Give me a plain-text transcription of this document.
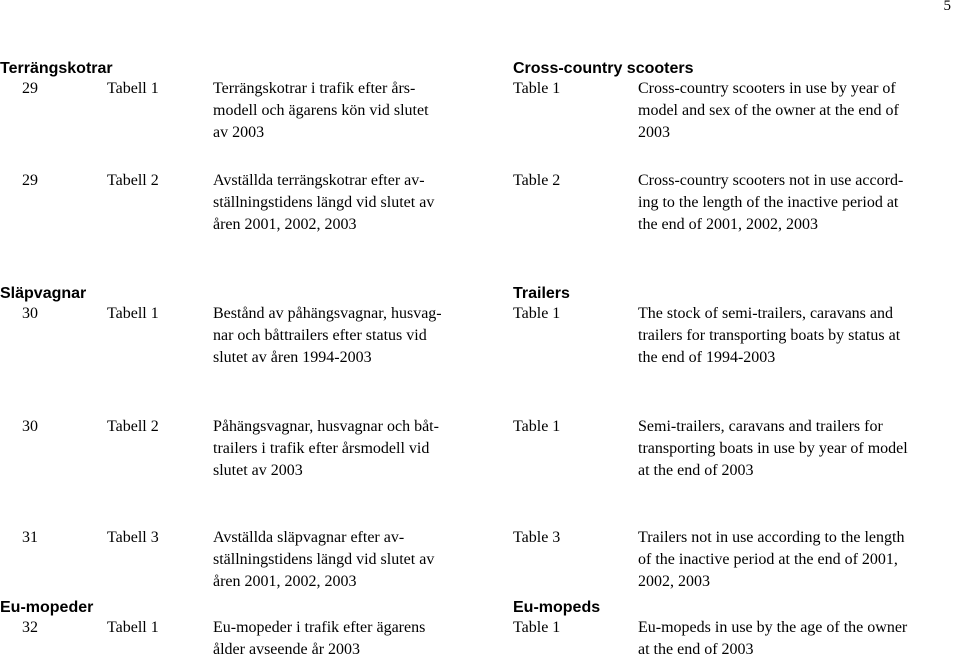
5
Terrängskotrar	Cross-country scooters
29	Tabell 1	Terrängskotrar i trafik efter års-
modell och ägarens kön vid slutet
av 2003
Table 1	Cross-country scooters in use by year of
model and sex of the owner at the end of
2003
29	Tabell 2	Avställda terrängskotrar efter av-
ställningstidens längd vid slutet av
åren 2001, 2002, 2003
Table 2	Cross-country scooters not in use accord-
ing to the length of the inactive period at
the end of 2001, 2002, 2003
Släpvagnar	Trailers
30	Tabell 1	Bestånd av påhängsvagnar, husvag-
nar och båttrailers efter status vid
slutet av åren 1994-2003
Table 1	The stock of semi-trailers, caravans and
trailers for transporting boats by status at
the end of 1994-2003
30	Tabell 2	Påhängsvagnar, husvagnar och båt-
trailers i trafik efter årsmodell vid
slutet av 2003
Table 1	Semi-trailers, caravans and trailers for
transporting boats in use by year of model
at the end of 2003
31	Tabell 3	Avställda släpvagnar efter av-
ställningstidens längd vid slutet av
åren 2001, 2002, 2003
Table 3	Trailers not in use according to the length
of the inactive period at the end of 2001,
2002, 2003
Eu-mopeder	Eu-mopeds
32	Tabell 1	Eu-mopeder i trafik efter ägarens
ålder avseende år 2003
Table 1	Eu-mopeds in use by the age of the owner
at the end of 2003
